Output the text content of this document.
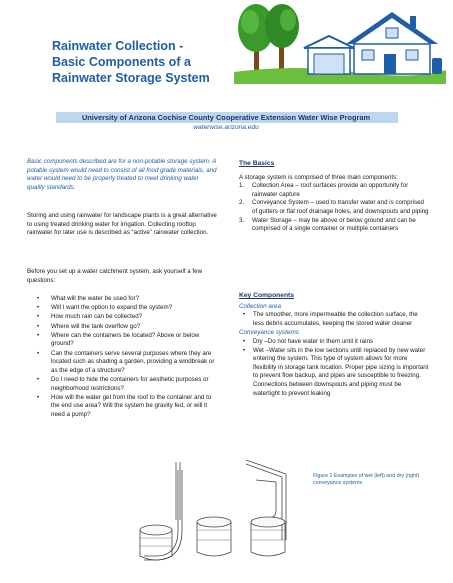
Rainwater Collection -
Basic Components of a
Rainwater Storage System

University of Arizona Cochise County Cooperative Extension Water Wise Program

waterwise.arizona.edu

Basic components described are for a non-potable storage system. A potable system would need to consist of all food grade materials, and water would need to be properly treated to meet drinking water quality standards.

Storing and using rainwater for landscape plants is a great alternative to using treated drinking water for irrigation. Collecting rooftop rainwater for later use is described as “active” rainwater collection.

Before you set up a water catchment system, ask yourself a few questions:

• What will the water be used for?
• Will I want the option to expand the system?
• How much rain can be collected?
• Where will the tank overflow go?
• Where can the containers be located? Above or below ground?
• Can the containers serve several purposes where they are located such as shading a garden, providing a windbreak or as the edge of a structure?
• Do I need to hide the containers for aesthetic purposes or neighborhood restrictions?
• How will the water get from the roof to the container and to the end use area? Will the system be gravity fed, or will it need a pump?

The Basics

A storage system is comprised of three main components:

1. Collection Area – roof surfaces provide an opportunity for rainwater capture
2. Conveyance System – used to transfer water and is comprised of gutters or flat roof drainage holes, and downspouts and piping
3. Water Storage – may be above or below ground and can be comprised of a single container or multiple containers

Key Components

Collection area

• The smoother, more impermeable the collection surface, the less debris accumulates, keeping the stored water cleaner

Conveyance systems

• Dry –Do not have water in them until it rains
• Wet –Water sits in the low sections until replaced by new water entering the system. This type of system allows for more flexibility in storage tank location. Proper pipe sizing is important to prevent flow backup, and pipes are susceptible to freezing. Connections between downspouts and piping must be watertight to prevent leaking

Figure 1 Examples of wet (left) and dry (right) conveyance systems
